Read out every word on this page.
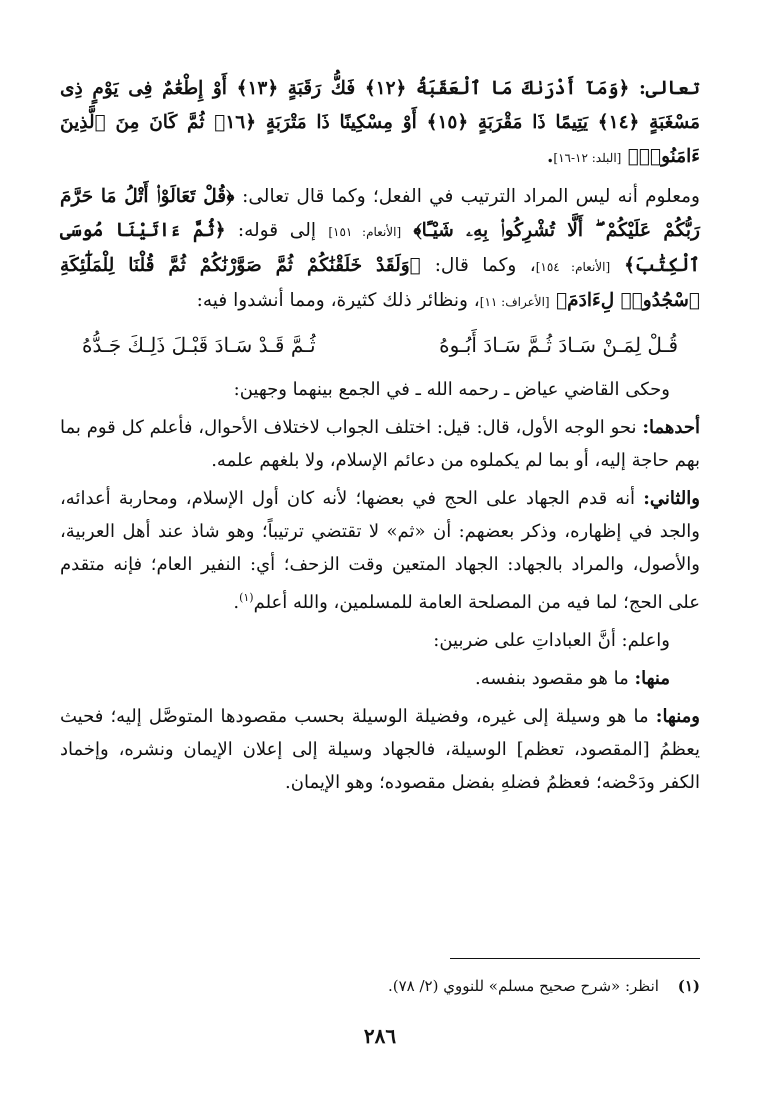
تعالى: ﴿وَمَآ أَدْرَىٰكَ مَا ٱلْعَقَبَةُ ﴿١٢﴾ فَكُّ رَقَبَةٍ ﴿١٣﴾ أَوْ إِطْعَٰمٌ فِى يَوْمٍ ذِى مَسْغَبَةٍ ﴿١٤﴾ يَتِيمًا ذَا مَقْرَبَةٍ ﴿١٥﴾ أَوْ مِسْكِينًا ذَا مَتْرَبَةٍ ﴿١٦﴾ ثُمَّ كَانَ مِنَ ٱلَّذِينَ ءَامَنُوا۟﴾ [البلد: ١٢-١٦].

ومعلوم أنه ليس المراد الترتيب في الفعل؛ وكما قال تعالى: ﴿قُلْ تَعَالَوْا۟ أَتْلُ مَا حَرَّمَ رَبُّكُمْ عَلَيْكُمْ ۖ أَلَّا تُشْرِكُوا۟ بِهِۦ شَيْـًٔا﴾ [الأنعام: ١٥١] إلى قوله: ﴿ثُمَّ ءَاتَيْنَا مُوسَى ٱلْكِتَٰبَ﴾ [الأنعام: ١٥٤]، وكما قال: ﴿وَلَقَدْ خَلَقْنَٰكُمْ ثُمَّ صَوَّرْنَٰكُمْ ثُمَّ قُلْنَا لِلْمَلَٰٓئِكَةِ ٱسْجُدُوا۟ لِءَادَمَ﴾ [الأعراف: ١١]، ونظائر ذلك كثيرة، ومما أنشدوا فيه:

قُـلْ لِمَـنْ سَـادَ ثُـمَّ سَـادَ أَبُـوهُ
ثُـمَّ قَـدْ سَـادَ قَبْـلَ ذَلِـكَ جَـدُّهُ

وحكى القاضي عياض ـ رحمه الله ـ في الجمع بينهما وجهين:

أحدهما: نحو الوجه الأول، قال: قيل: اختلف الجواب لاختلاف الأحوال، فأعلم كل قوم بما بهم حاجة إليه، أو بما لم يكملوه من دعائم الإسلام، ولا بلغهم علمه.

والثاني: أنه قدم الجهاد على الحج في بعضها؛ لأنه كان أول الإسلام، ومحاربة أعدائه، والجد في إظهاره، وذكر بعضهم: أن «ثم» لا تقتضي ترتيباً؛ وهو شاذ عند أهل العربية، والأصول، والمراد بالجهاد: الجهاد المتعين وقت الزحف؛ أي: النفير العام؛ فإنه متقدم على الحج؛ لما فيه من المصلحة العامة للمسلمين، والله أعلم$^{(١)}$.

واعلم: أنَّ العباداتِ على ضربين:

منها: ما هو مقصود بنفسه.

ومنها: ما هو وسيلة إلى غيره، وفضيلة الوسيلة بحسب مقصودها المتوصَّل إليه؛ فحيث يعظمُ [المقصود، تعظم] الوسيلة، فالجهاد وسيلة إلى إعلان الإيمان ونشره، وإخماد الكفر ودَحْضه؛ فعظمُ فضلهِ بفضل مقصوده؛ وهو الإيمان.

(١) انظر: «شرح صحيح مسلم» للنووي (٢/ ٧٨).
٢٨٦
